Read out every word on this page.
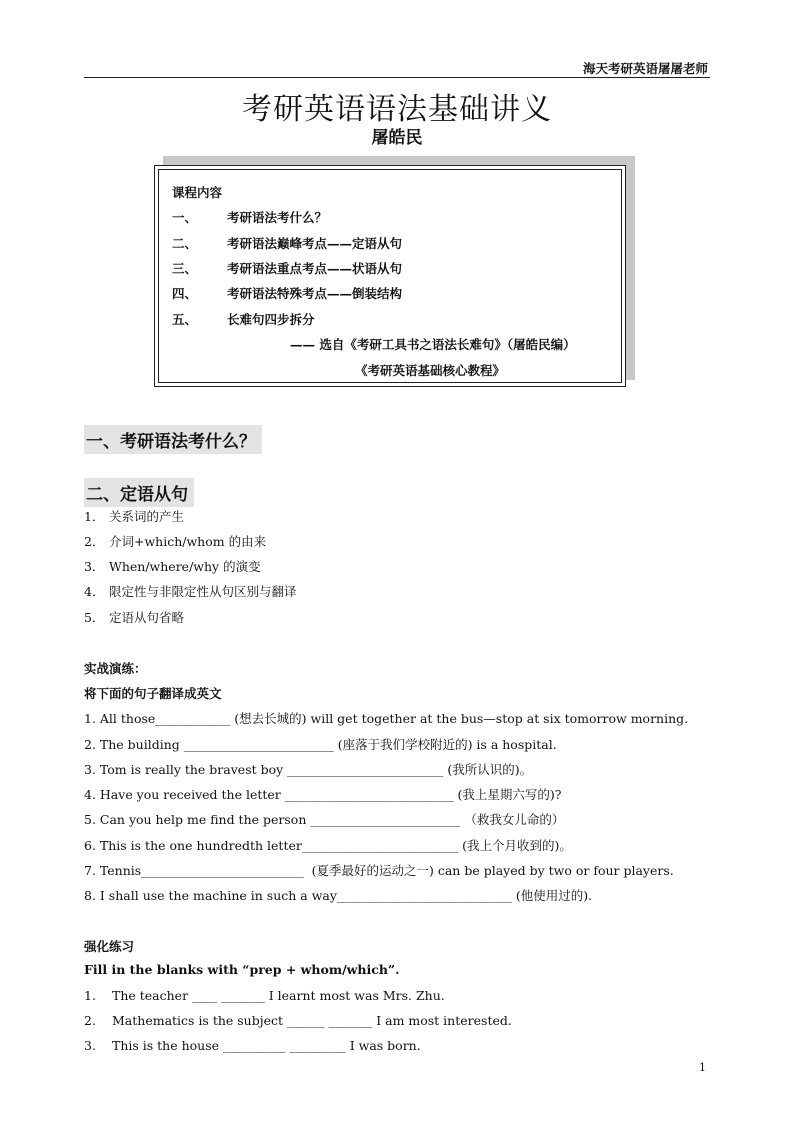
海天考研英语屠屠老师
考研英语语法基础讲义
屠皓民
课程内容
一、 考研语法考什么？
二、 考研语法巅峰考点——定语从句
三、 考研语法重点考点——状语从句
四、 考研语法特殊考点——倒装结构
五、 长难句四步拆分
—— 选自《考研工具书之语法长难句》（屠皓民编）
《考研英语基础核心教程》
一、考研语法考什么？
二、定语从句
1． 关系词的产生
2． 介词+which/whom 的由来
3． When/where/why 的演变
4． 限定性与非限定性从句区别与翻译
5． 定语从句省略
实战演练：
将下面的句子翻译成英文
1. All those____________ (想去长城的) will get together at the bus—stop at six tomorrow morning.
2. The building ________________________ (座落于我们学校附近的) is a hospital.
3. Tom is really the bravest boy _________________________ (我所认识的)。
4. Have you received the letter ___________________________ (我上星期六写的)?
5. Can you help me find the person ________________________ （救我女儿命的）
6. This is the one hundredth letter_________________________ (我上个月收到的)。
7. Tennis__________________________  (夏季最好的运动之一) can be played by two or four players.
8. I shall use the machine in such a way____________________________ (他使用过的).
强化练习
Fill in the blanks with “prep + whom/which”.
1. The teacher ____ _______ I learnt most was Mrs. Zhu.
2. Mathematics is the subject ______ _______ I am most interested.
3. This is the house __________ _________ I was born.
1
